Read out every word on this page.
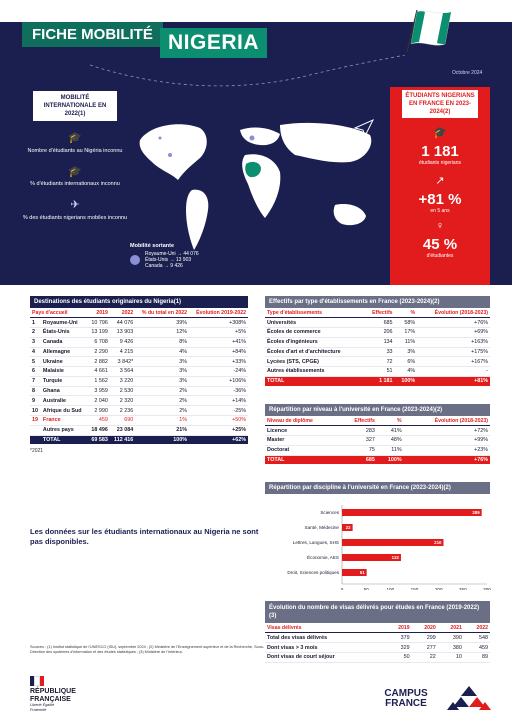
FICHE MOBILITÉ NIGERIA
Octobre 2024
MOBILITÉ INTERNATIONALE EN 2022(1)
🎓
Nombre d'étudiants au Nigéria inconnu
🎓
% d'étudiants internationaux inconnu
✈
% des étudiants nigerians mobiles inconnu
Mobilité sortante
Royaume-Uni → 44 076
États-Unis → 13 903
Canada → 9 426
ÉTUDIANTS NIGERIANS EN FRANCE EN 2023-2024(2)
🎓
1 181
étudiants nigerians
↗
+81 %
en 5 ans
♀
45 %
d'étudiantes
Destinations des étudiants originaires du Nigeria(1)
Pays d'accueil		2019	2022	% du total en 2022	Évolution 2019-2022
1	Royaume-Uni	10 796	44 076	39%	+308%
2	États-Unis	13 199	13 903	12%	+5%
3	Canada	6 708	9 426	8%	+41%
4	Allemagne	2 290	4 215	4%	+84%
5	Ukraine	2 882	3 842*	3%	+33%
6	Malaisie	4 661	3 564	3%	-24%
7	Turquie	1 562	3 220	3%	+106%
8	Ghana	3 959	2 530	2%	-36%
9	Australie	2 040	2 320	2%	+14%
10	Afrique du Sud	2 990	2 236	2%	-25%
19	France	459	690	1%	+50%
	Autres pays	18 496	23 084	21%	+25%
	TOTAL	69 583	112 416	100%	+62%
*2021
Effectifs par type d'établissements en France (2023-2024)(2)
Type d'établissements	Effectifs	%	Évolution (2018-2023)
Universités	685	58%	+76%
Écoles de commerce	206	17%	+69%
Écoles d'ingénieurs	134	11%	+163%
Écoles d'art et d'architecture	33	3%	+175%
Lycées (STS, CPGE)	72	6%	+167%
Autres établissements	51	4%	-
TOTAL	1 181	100%	+81%
Répartition par niveau à l'université en France (2023-2024)(2)
Niveau de diplôme	Effectifs	%	Évolution (2018-2023)
Licence	283	41%	+72%
Master	327	48%	+99%
Doctorat	75	11%	+23%
TOTAL	685	100%	+76%
Répartition par discipline à l'université en France (2023-2024)(2)
Sciences	289
Santé, Médecine 22
Lettres, Langues, SHS	210
Économie, AES	122
Droit, Sciences politiques	51
0	50	100	150	200	250	300
Les données sur les étudiants internationaux au Nigeria ne sont pas disponibles.
Évolution du nombre de visas délivrés pour études en France (2019-2022)(3)
Visas délivrés	2019	2020	2021	2022
Total des visas délivrés	379	299	390	548
Dont visas > 3 mois	329	277	380	459
Dont visas de court séjour	50	22	10	89
Sources : (1) Institut statistique de l'UNESCO (ISU), septembre 2024 ; (2) Ministère de l'Enseignement supérieur et de la Recherche, Sous-Direction des systèmes d'information et des études statistiques ; (3) Ministère de l'Intérieur.
RÉPUBLIQUE FRANÇAISE
Liberté Égalité Fraternité
CAMPUS FRANCE
